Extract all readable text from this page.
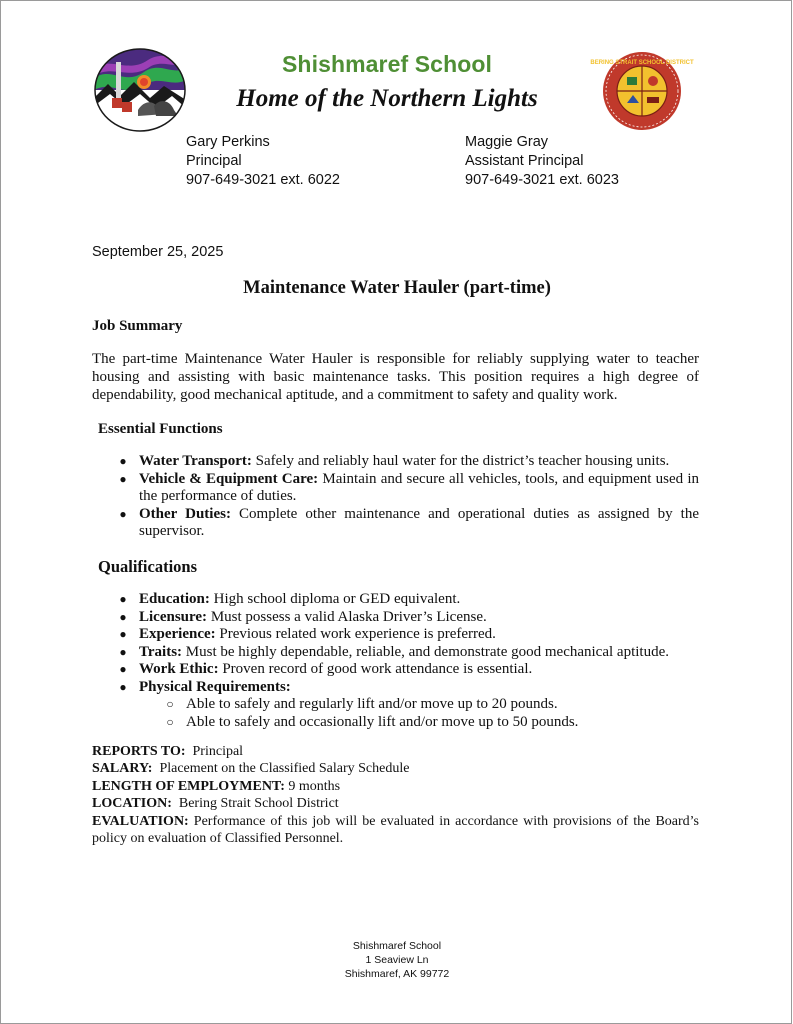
Shishmaref School
Home of the Northern Lights
BERING STRAIT SCHOOL DISTRICT
Gary Perkins
Principal
907-649-3021 ext. 6022
Maggie Gray
Assistant Principal
907-649-3021 ext. 6023
September 25, 2025
Maintenance Water Hauler (part-time)
Job Summary
The part-time Maintenance Water Hauler is responsible for reliably supplying water to teacher housing and assisting with basic maintenance tasks. This position requires a high degree of dependability, good mechanical aptitude, and a commitment to safety and quality work.
Essential Functions
● Water Transport: Safely and reliably haul water for the district’s teacher housing units.
● Vehicle & Equipment Care: Maintain and secure all vehicles, tools, and equipment used in the performance of duties.
● Other Duties: Complete other maintenance and operational duties as assigned by the supervisor.
Qualifications
● Education: High school diploma or GED equivalent.
● Licensure: Must possess a valid Alaska Driver’s License.
● Experience: Previous related work experience is preferred.
● Traits: Must be highly dependable, reliable, and demonstrate good mechanical aptitude.
● Work Ethic: Proven record of good work attendance is essential.
● Physical Requirements:
○ Able to safely and regularly lift and/or move up to 20 pounds.
○ Able to safely and occasionally lift and/or move up to 50 pounds.
REPORTS TO:  Principal
SALARY:  Placement on the Classified Salary Schedule
LENGTH OF EMPLOYMENT: 9 months
LOCATION:  Bering Strait School District
EVALUATION: Performance of this job will be evaluated in accordance with provisions of the Board’s policy on evaluation of Classified Personnel.
Shishmaref School
1 Seaview Ln
Shishmaref, AK 99772
